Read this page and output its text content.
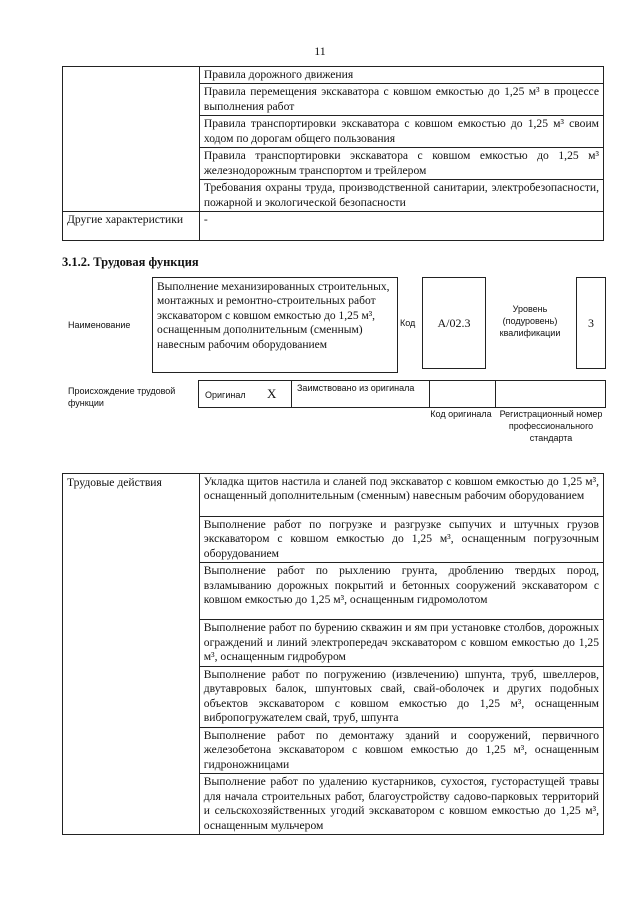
11
	Правила дорожного движения
	Правила перемещения экскаватора с ковшом емкостью до 1,25 м³ в процессе выполнения работ
	Правила транспортировки экскаватора с ковшом емкостью до 1,25 м³ своим ходом по дорогам общего пользования
	Правила транспортировки экскаватора с ковшом емкостью до 1,25 м³ железнодорожным транспортом и трейлером
	Требования охраны труда, производственной санитарии, электробезопасности, пожарной и экологической безопасности
Другие характеристики	-
3.1.2. Трудовая функция
Наименование
Выполнение механизированных строительных, монтажных и ремонтно-строительных работ экскаватором с ковшом емкостью до 1,25 м³, оснащенным дополнительным (сменным) навесным рабочим оборудованием
Код	A/02.3
Уровень (подуровень) квалификации
3
Происхождение трудовой функции
Оригинал X Заимствовано из оригинала
Код оригинала Регистрационный номер профессионального стандарта
Трудовые действия	Укладка щитов настила и сланей под экскаватор с ковшом емкостью до 1,25 м³, оснащенный дополнительным (сменным) навесным рабочим оборудованием
Выполнение работ по погрузке и разгрузке сыпучих и штучных грузов экскаватором с ковшом емкостью до 1,25 м³, оснащенным погрузочным оборудованием
Выполнение работ по рыхлению грунта, дроблению твердых пород, взламыванию дорожных покрытий и бетонных сооружений экскаватором с ковшом емкостью до 1,25 м³, оснащенным гидромолотом
Выполнение работ по бурению скважин и ям при установке столбов, дорожных ограждений и линий электропередач экскаватором с ковшом емкостью до 1,25 м³, оснащенным гидробуром
Выполнение работ по погружению (извлечению) шпунта, труб, швеллеров, двутавровых балок, шпунтовых свай, свай-оболочек и других подобных объектов экскаватором с ковшом емкостью до 1,25 м³, оснащенным вибропогружателем свай, труб, шпунта
Выполнение работ по демонтажу зданий и сооружений, первичного железобетона экскаватором с ковшом емкостью до 1,25 м³, оснащенным гидроножницами
Выполнение работ по удалению кустарников, сухостоя, густорастущей травы для начала строительных работ, благоустройству садово-парковых территорий и сельскохозяйственных угодий экскаватором с ковшом емкостью до 1,25 м³, оснащенным мульчером
